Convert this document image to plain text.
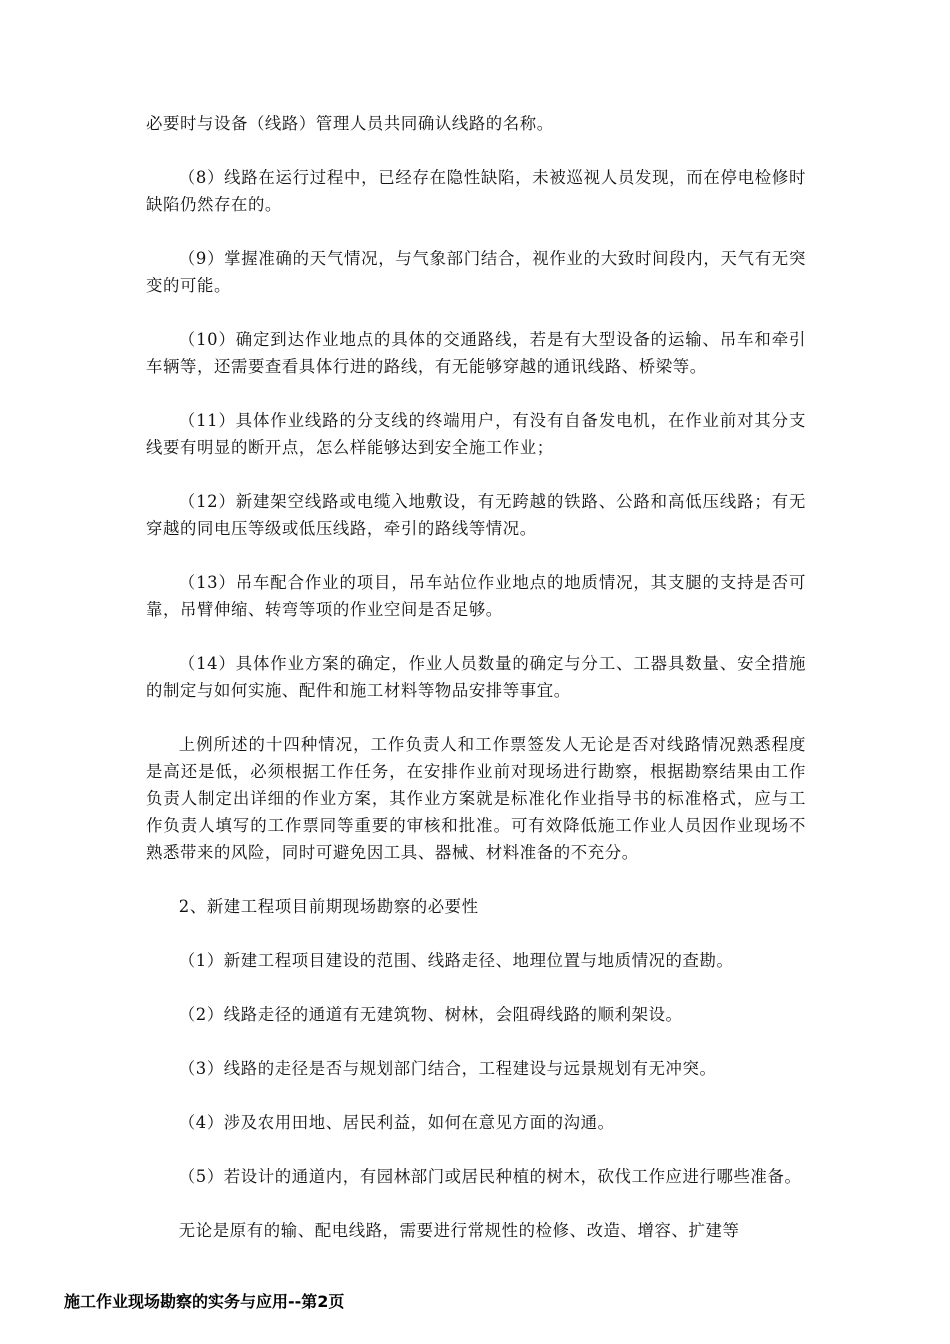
必要时与设备（线路）管理人员共同确认线路的名称。

（8）线路在运行过程中，已经存在隐性缺陷，未被巡视人员发现，而在停电检修时缺陷仍然存在的。

（9）掌握准确的天气情况，与气象部门结合，视作业的大致时间段内，天气有无突变的可能。

（10）确定到达作业地点的具体的交通路线，若是有大型设备的运输、吊车和牵引车辆等，还需要查看具体行进的路线，有无能够穿越的通讯线路、桥梁等。

（11）具体作业线路的分支线的终端用户，有没有自备发电机，在作业前对其分支线要有明显的断开点，怎么样能够达到安全施工作业；

（12）新建架空线路或电缆入地敷设，有无跨越的铁路、公路和高低压线路；有无穿越的同电压等级或低压线路，牵引的路线等情况。

（13）吊车配合作业的项目，吊车站位作业地点的地质情况，其支腿的支持是否可靠，吊臂伸缩、转弯等项的作业空间是否足够。

（14）具体作业方案的确定，作业人员数量的确定与分工、工器具数量、安全措施的制定与如何实施、配件和施工材料等物品安排等事宜。

上例所述的十四种情况，工作负责人和工作票签发人无论是否对线路情况熟悉程度是高还是低，必须根据工作任务，在安排作业前对现场进行勘察，根据勘察结果由工作负责人制定出详细的作业方案，其作业方案就是标准化作业指导书的标准格式，应与工作负责人填写的工作票同等重要的审核和批准。可有效降低施工作业人员因作业现场不熟悉带来的风险，同时可避免因工具、器械、材料准备的不充分。

2、新建工程项目前期现场勘察的必要性

（1）新建工程项目建设的范围、线路走径、地理位置与地质情况的查勘。

（2）线路走径的通道有无建筑物、树林，会阻碍线路的顺利架设。

（3）线路的走径是否与规划部门结合，工程建设与远景规划有无冲突。

（4）涉及农用田地、居民利益，如何在意见方面的沟通。

（5）若设计的通道内，有园林部门或居民种植的树木，砍伐工作应进行哪些准备。

无论是原有的输、配电线路，需要进行常规性的检修、改造、增容、扩建等

施工作业现场勘察的实务与应用--第2页
